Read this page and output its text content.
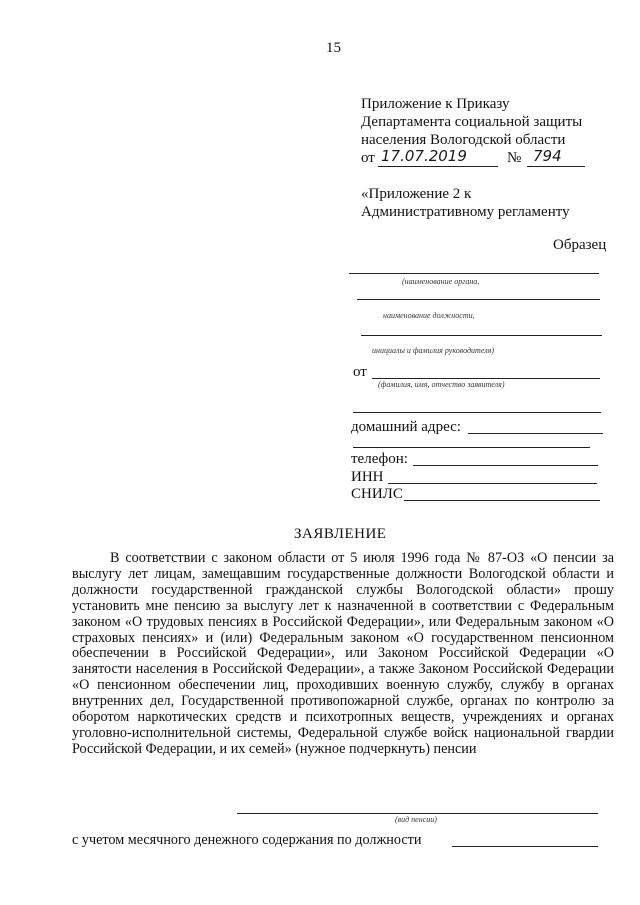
15
Приложение к Приказу
Департамента социальной защиты
населения Вологодской области
от 17.07.2019	№ 794
«Приложение 2 к
Административному регламенту
Образец
(наименование органа,
наименование должности,
инициалы и фамилия руководителя)
от
(фамилия, имя, отчество заявителя)
домашний адрес:
телефон:
ИНН
СНИЛС
ЗАЯВЛЕНИЕ

В соответствии с законом области от 5 июля 1996 года № 87-ОЗ «О пенсии за выслугу лет лицам, замещавшим государственные должности Вологодской области и должности государственной гражданской службы Вологодской области» прошу установить мне пенсию за выслугу лет к назначенной в соответствии с Федеральным законом «О трудовых пенсиях в Российской Федерации», или Федеральным законом «О страховых пенсиях» и (или) Федеральным законом «О государственном пенсионном обеспечении в Российской Федерации», или Законом Российской Федерации «О занятости населения в Российской Федерации», а также Законом Российской Федерации «О пенсионном обеспечении лиц, проходивших военную службу, службу в органах внутренних дел, Государственной противопожарной службе, органах по контролю за оборотом наркотических средств и психотропных веществ, учреждениях и органах уголовно-исполнительной системы, Федеральной службе войск национальной гвардии Российской Федерации, и их семей» (нужное подчеркнуть) пенсии

(вид пенсии)
с учетом месячного денежного содержания по должности
